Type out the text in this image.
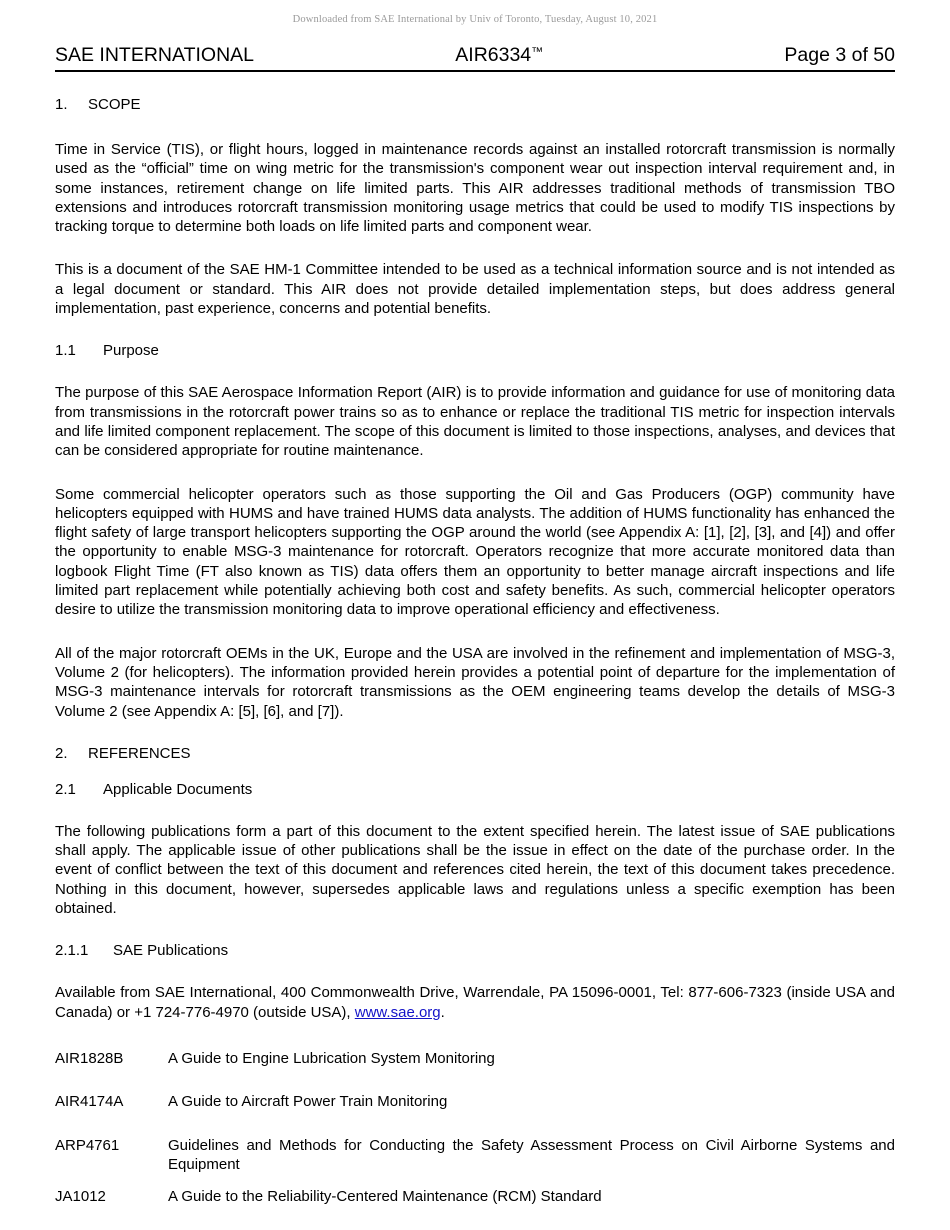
Downloaded from SAE International by Univ of Toronto, Tuesday, August 10, 2021
SAE INTERNATIONAL	AIR6334™	Page 3 of 50
1. SCOPE

Time in Service (TIS), or flight hours, logged in maintenance records against an installed rotorcraft transmission is normally used as the “official” time on wing metric for the transmission's component wear out inspection interval requirement and, in some instances, retirement change on life limited parts. This AIR addresses traditional methods of transmission TBO extensions and introduces rotorcraft transmission monitoring usage metrics that could be used to modify TIS inspections by tracking torque to determine both loads on life limited parts and component wear.

This is a document of the SAE HM-1 Committee intended to be used as a technical information source and is not intended as a legal document or standard. This AIR does not provide detailed implementation steps, but does address general implementation, past experience, concerns and potential benefits.

1.1 Purpose

The purpose of this SAE Aerospace Information Report (AIR) is to provide information and guidance for use of monitoring data from transmissions in the rotorcraft power trains so as to enhance or replace the traditional TIS metric for inspection intervals and life limited component replacement. The scope of this document is limited to those inspections, analyses, and devices that can be considered appropriate for routine maintenance.

Some commercial helicopter operators such as those supporting the Oil and Gas Producers (OGP) community have helicopters equipped with HUMS and have trained HUMS data analysts. The addition of HUMS functionality has enhanced the flight safety of large transport helicopters supporting the OGP around the world (see Appendix A: [1], [2], [3], and [4]) and offer the opportunity to enable MSG-3 maintenance for rotorcraft. Operators recognize that more accurate monitored data than logbook Flight Time (FT also known as TIS) data offers them an opportunity to better manage aircraft inspections and life limited part replacement while potentially achieving both cost and safety benefits. As such, commercial helicopter operators desire to utilize the transmission monitoring data to improve operational efficiency and effectiveness.

All of the major rotorcraft OEMs in the UK, Europe and the USA are involved in the refinement and implementation of MSG-3, Volume 2 (for helicopters). The information provided herein provides a potential point of departure for the implementation of MSG-3 maintenance intervals for rotorcraft transmissions as the OEM engineering teams develop the details of MSG-3 Volume 2 (see Appendix A: [5], [6], and [7]).

2. REFERENCES
2.1 Applicable Documents

The following publications form a part of this document to the extent specified herein. The latest issue of SAE publications shall apply. The applicable issue of other publications shall be the issue in effect on the date of the purchase order. In the event of conflict between the text of this document and references cited herein, the text of this document takes precedence. Nothing in this document, however, supersedes applicable laws and regulations unless a specific exemption has been obtained.

2.1.1 SAE Publications

Available from SAE International, 400 Commonwealth Drive, Warrendale, PA 15096-0001, Tel: 877-606-7323 (inside USA and Canada) or +1 724-776-4970 (outside USA), www.sae.org.

AIR1828B	A Guide to Engine Lubrication System Monitoring
AIR4174A	A Guide to Aircraft Power Train Monitoring
ARP4761	Guidelines and Methods for Conducting the Safety Assessment Process on Civil Airborne Systems and Equipment
JA1012	A Guide to the Reliability-Centered Maintenance (RCM) Standard
